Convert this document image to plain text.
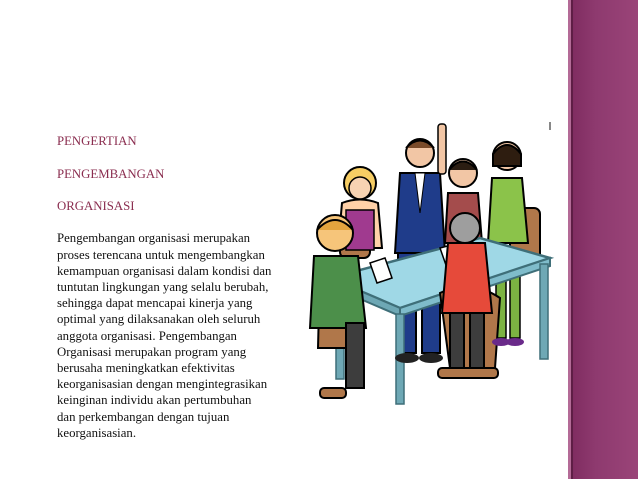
PENGERTIAN

PENGEMBANGAN

ORGANISASI

Pengembangan organisasi merupakan proses terencana untuk mengembangkan kemampuan organisasi dalam kondisi dan tuntutan lingkungan yang selalu berubah, sehingga dapat mencapai kinerja yang optimal yang dilaksanakan oleh seluruh anggota organisasi. Pengembangan Organisasi merupakan program yang berusaha meningkatkan efektivitas keorganisasian dengan mengintegrasikan keinginan individu akan pertumbuhan dan perkembangan dengan tujuan keorganisasian.
